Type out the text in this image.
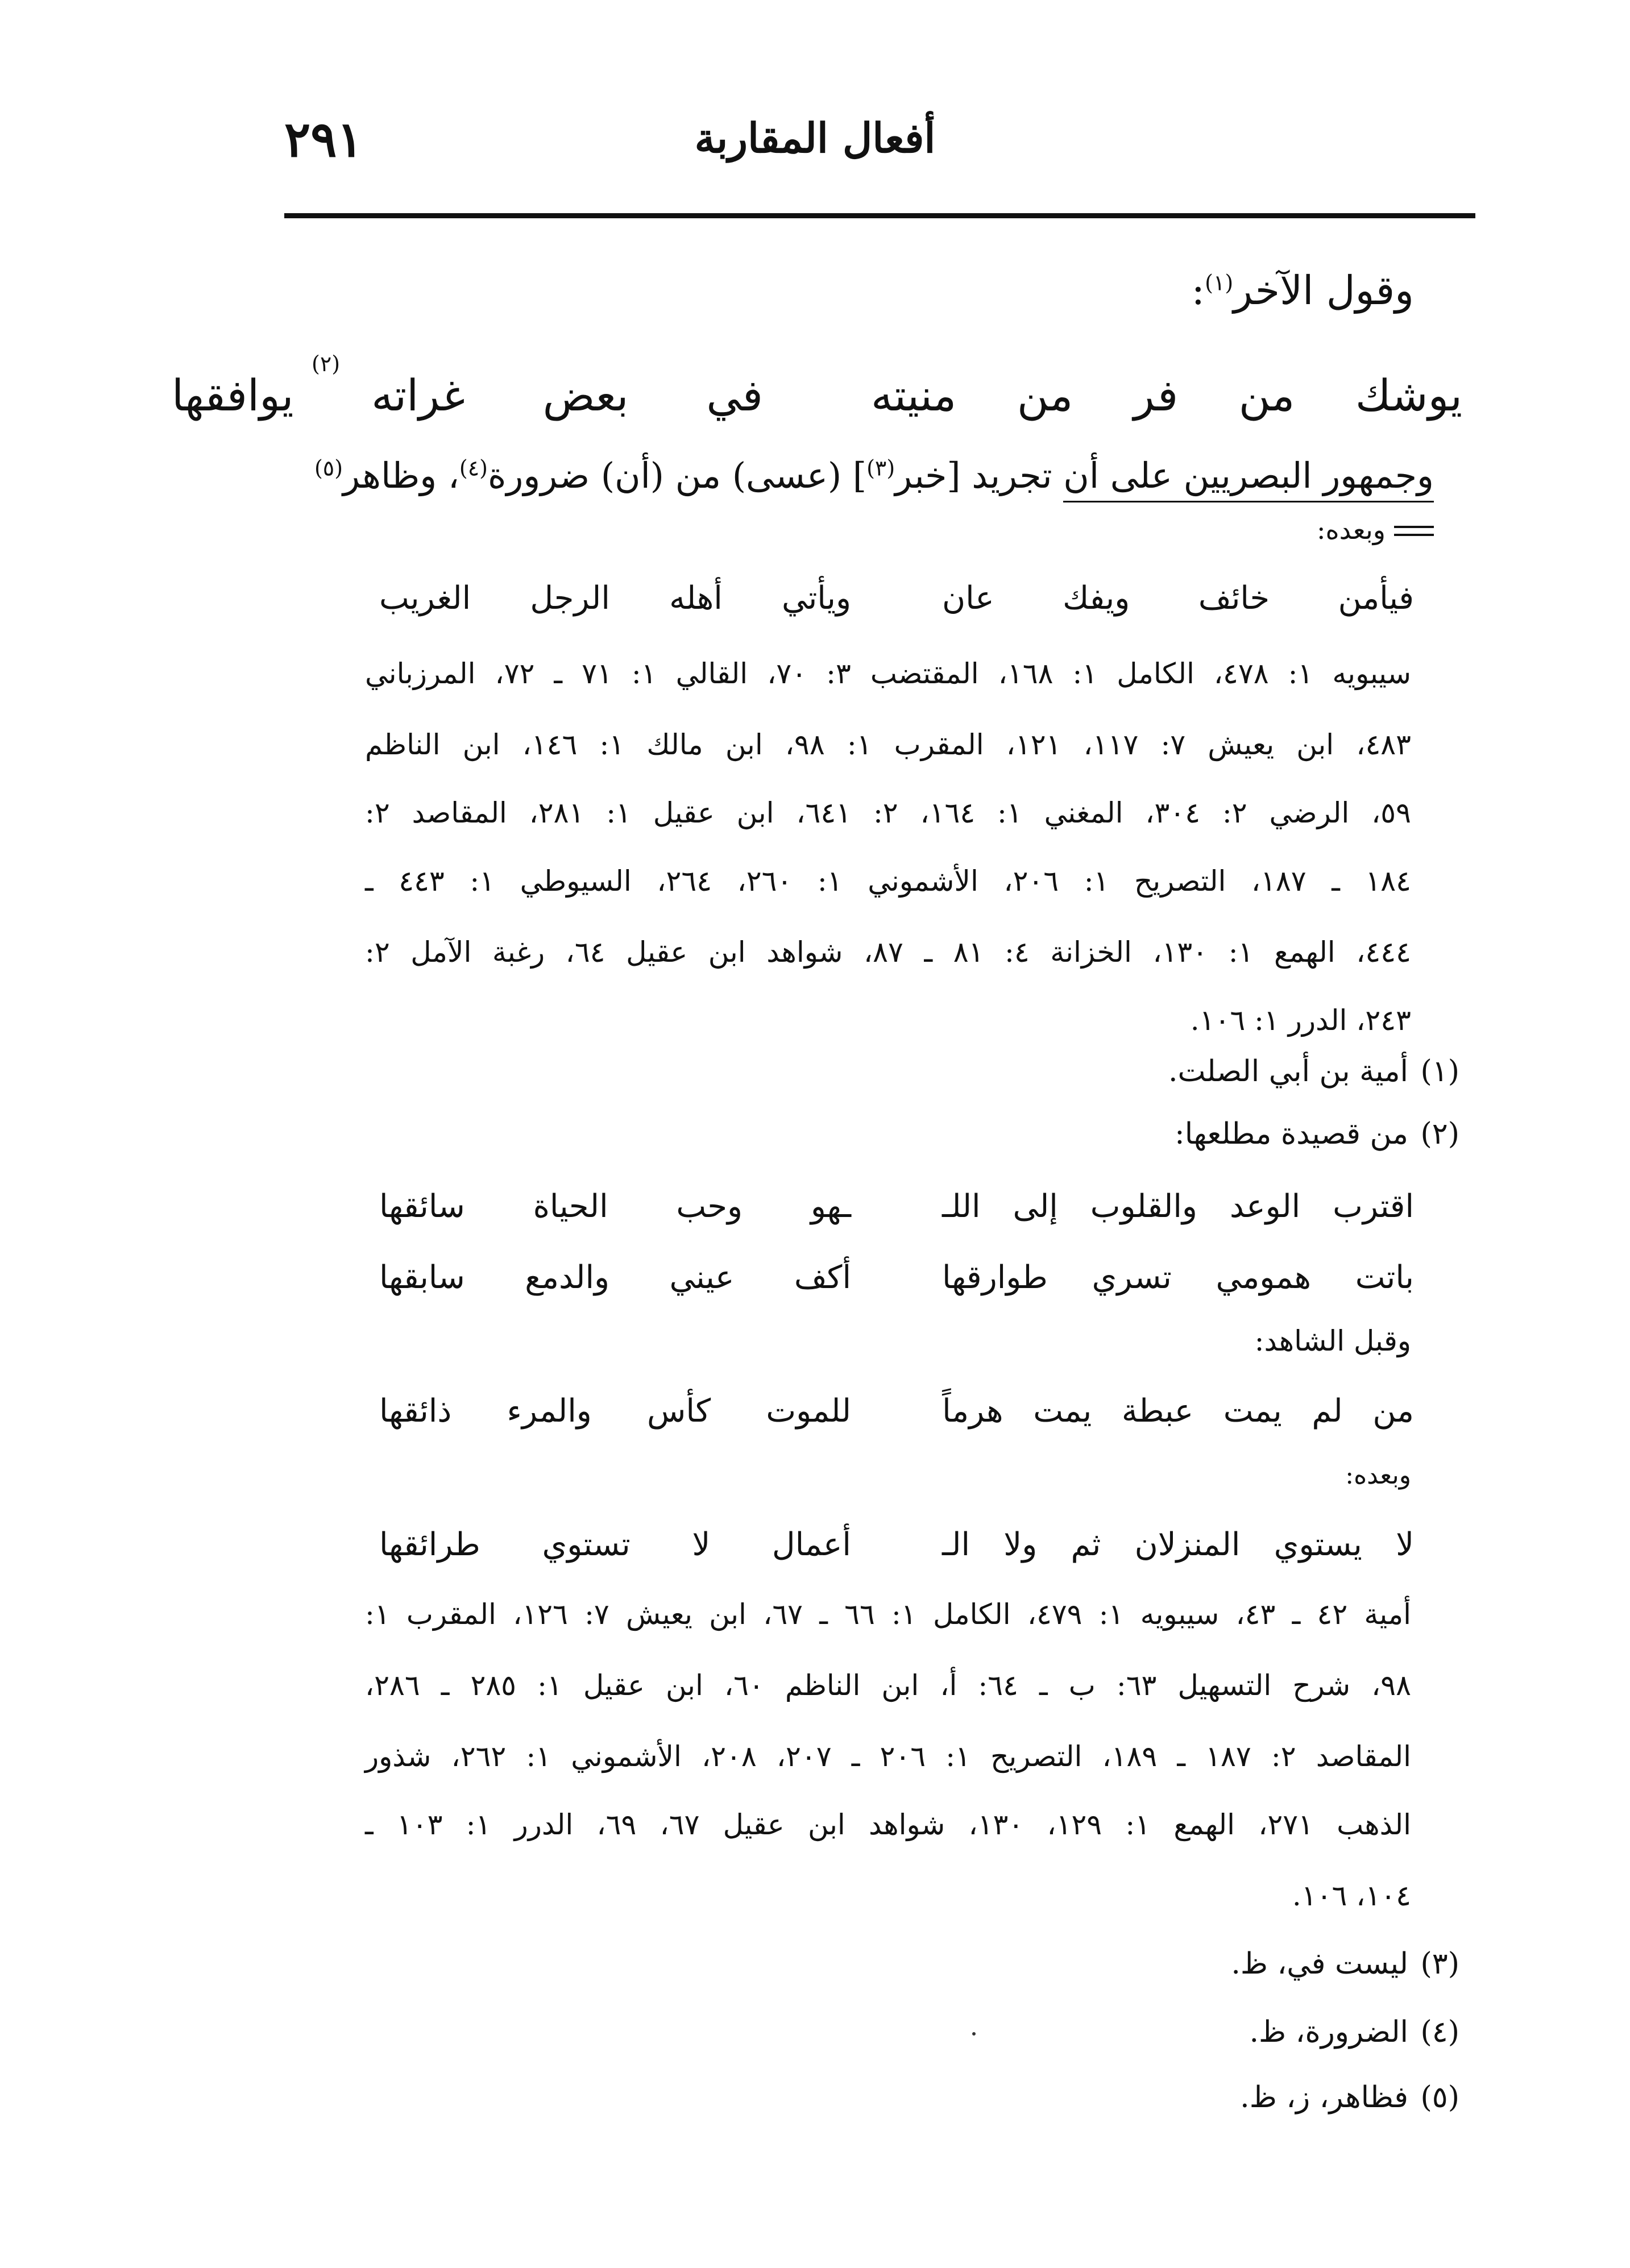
٢٩١	أفعال المقاربة
وقول الآخر$^{(١)}$:
يوشك
من
فر
من
منيته
في
بعض
غراته
يوافقها
(٢)
وجمهور البصريين على أن تجريد [خبر$^{(٣)}$] (عسى) من (أن) ضرورة$^{(٤)}$، وظاهر$^{(٥)}$
وبعده:
فيأمن
خائف
ويفك
عان
ويأتي
أهله
الرجل
الغريب
سيبويه ١: ٤٧٨، الكامل ١: ١٦٨، المقتضب ٣: ٧٠، القالي ١: ٧١ ـ ٧٢، المرزباني
٤٨٣، ابن يعيش ٧: ١١٧، ١٢١، المقرب ١: ٩٨، ابن مالك ١: ١٤٦، ابن الناظم
٥٩، الرضي ٢: ٣٠٤، المغني ١: ١٦٤، ٢: ٦٤١، ابن عقيل ١: ٢٨١، المقاصد ٢:
١٨٤ ـ ١٨٧، التصريح ١: ٢٠٦، الأشموني ١: ٢٦٠، ٢٦٤، السيوطي ١: ٤٤٣ ـ
٤٤٤، الهمع ١: ١٣٠، الخزانة ٤: ٨١ ـ ٨٧، شواهد ابن عقيل ٦٤، رغبة الآمل ٢:
٢٤٣، الدرر ١: ١٠٦.
(١)أمية بن أبي الصلت.
(٢)من قصيدة مطلعها:
اقترب
الوعد
والقلوب
إلى
اللـ
ـهو
وحب
الحياة
سائقها
باتت
همومي
تسري
طوارقها
أكف
عيني
والدمع
سابقها
وقبل الشاهد:
من
لم
يمت
عبطة
يمت
هرماً
للموت
كأس
والمرء
ذائقها
وبعده:
لا
يستوي
المنزلان
ثم
ولا
الـ
أعمال
لا
تستوي
طرائقها
أمية ٤٢ ـ ٤٣، سيبويه ١: ٤٧٩، الكامل ١: ٦٦ ـ ٦٧، ابن يعيش ٧: ١٢٦، المقرب ١:
٩٨، شرح التسهيل ٦٣: ب ـ ٦٤: أ، ابن الناظم ٦٠، ابن عقيل ١: ٢٨٥ ـ ٢٨٦،
المقاصد ٢: ١٨٧ ـ ١٨٩، التصريح ١: ٢٠٦ ـ ٢٠٧، ٢٠٨، الأشموني ١: ٢٦٢، شذور
الذهب ٢٧١، الهمع ١: ١٢٩، ١٣٠، شواهد ابن عقيل ٦٧، ٦٩، الدرر ١: ١٠٣ ـ
١٠٤، ١٠٦.
(٣)ليست في، ظ.
(٤)الضرورة، ظ.
(٥)فظاهر، ز، ظ.
